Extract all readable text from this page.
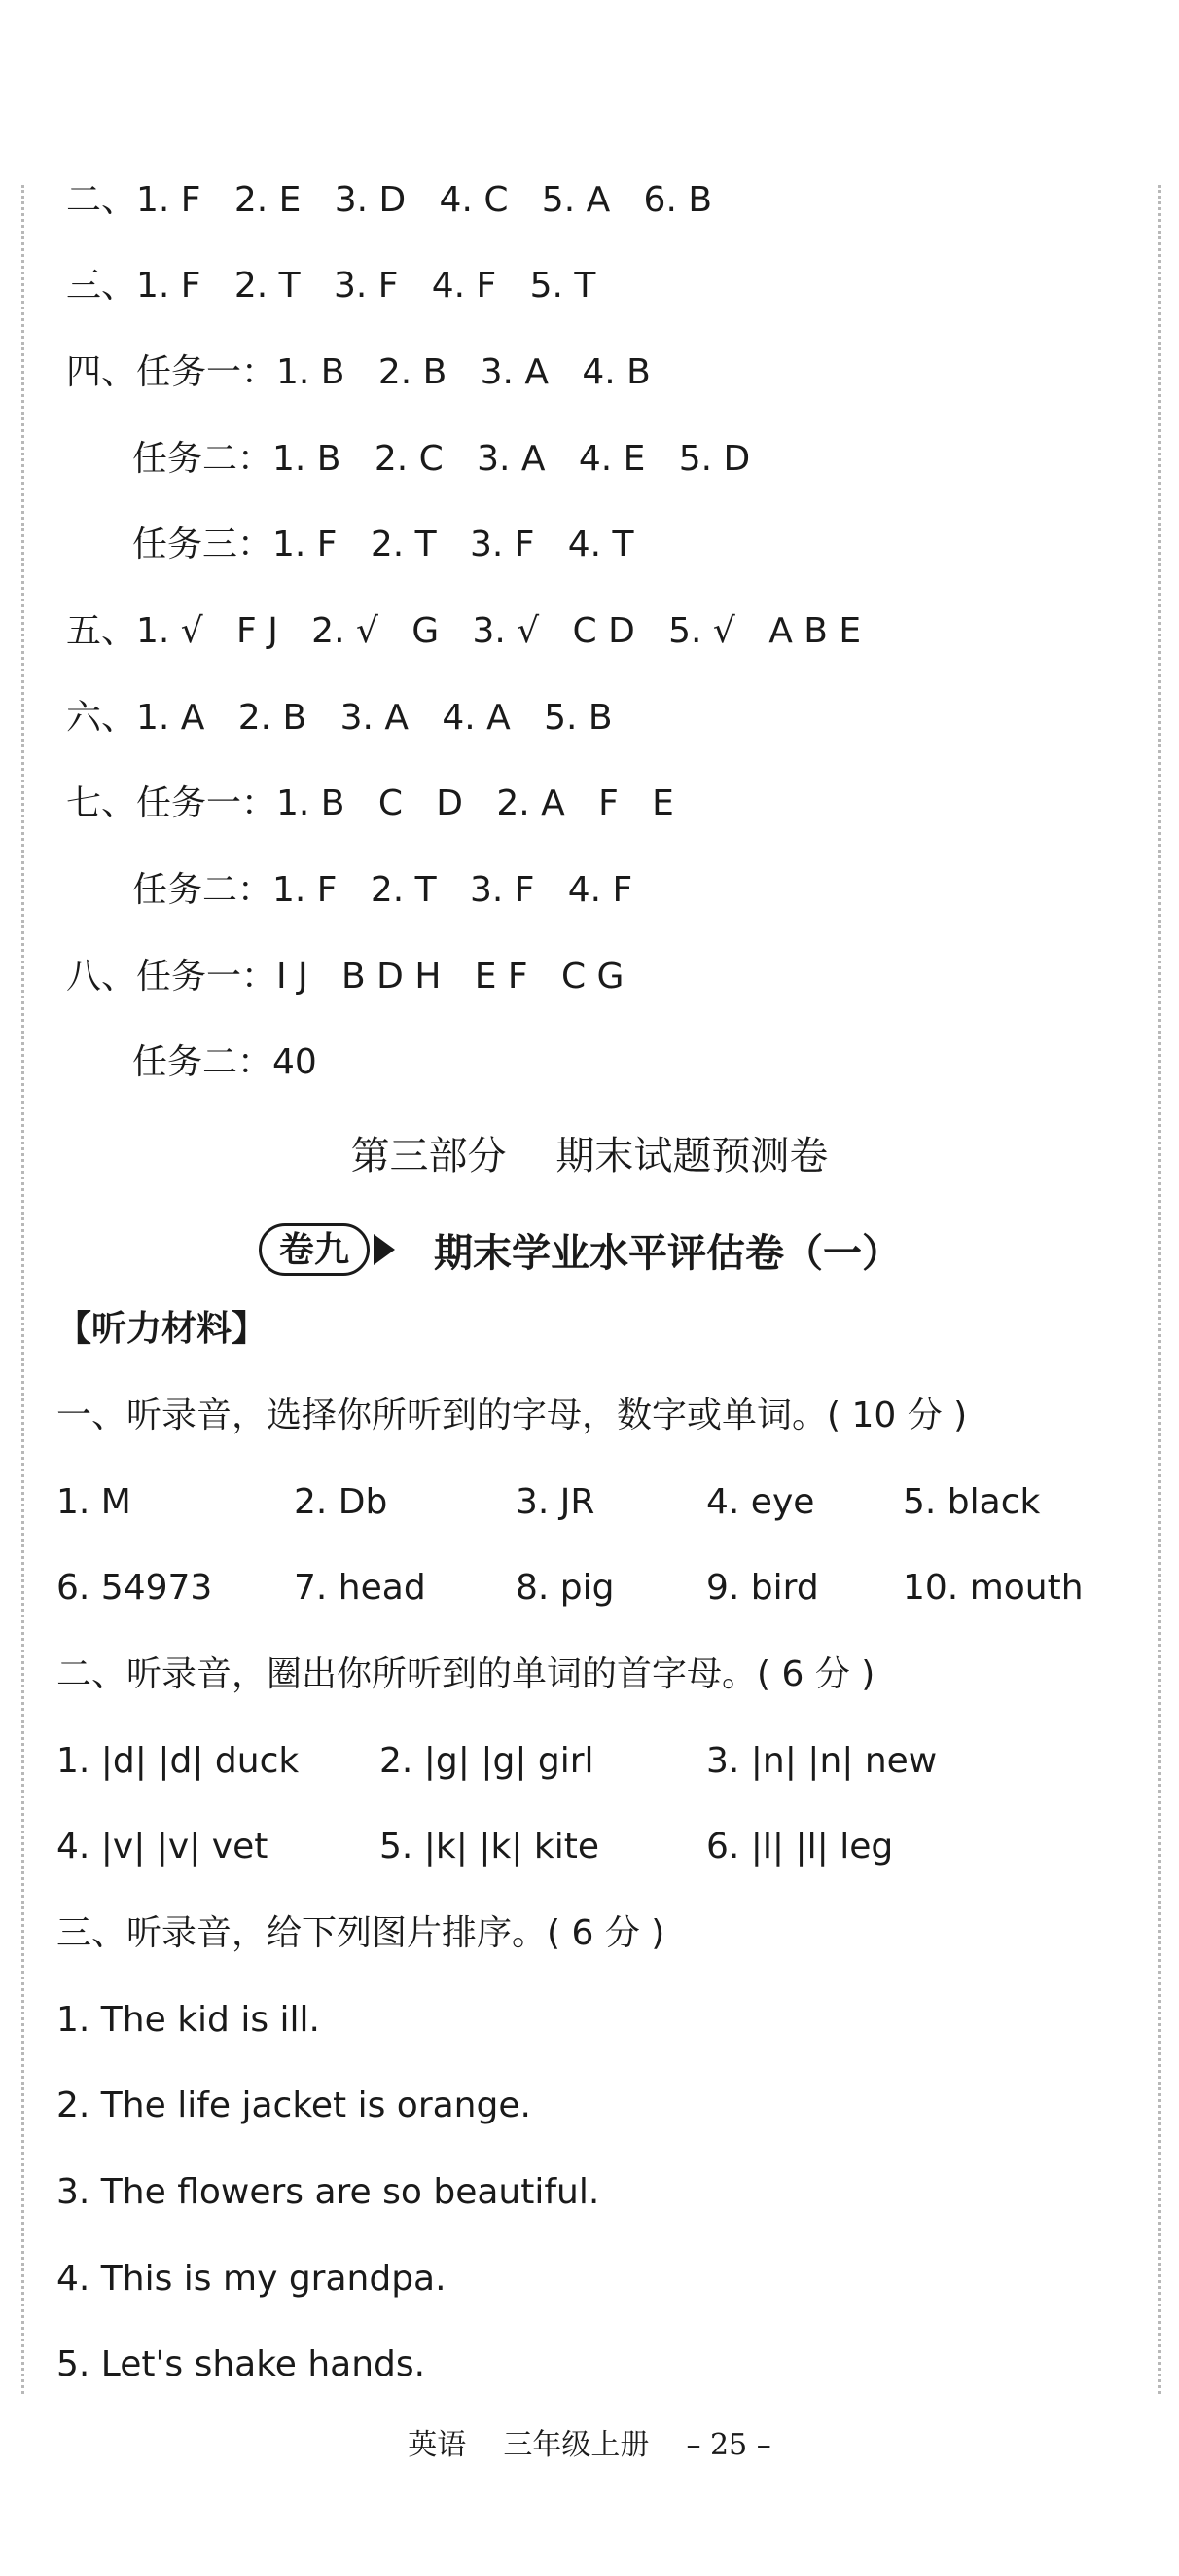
二、1. F   2. E   3. D   4. C   5. A   6. B
三、1. F   2. T   3. F   4. F   5. T
四、任务一：1. B   2. B   3. A   4. B
任务二：1. B   2. C   3. A   4. E   5. D
任务三：1. F   2. T   3. F   4. T
五、1. √   F J   2. √   G   3. √   C D   5. √   A B E
六、1. A   2. B   3. A   4. A   5. B
七、任务一：1. B   C   D   2. A   F   E
任务二：1. F   2. T   3. F   4. F
八、任务一：I J   B D H   E F   C G
任务二：40
第三部分    期末试题预测卷
卷九	期末学业水平评估卷（一）
【听力材料】
一、听录音，选择你所听到的字母，数字或单词。( 10 分 )
1. M	2. Db	3. JR	4. eye	5. black
6. 54973 7. head	8. pig	9. bird 10. mouth
二、听录音，圈出你所听到的单词的首字母。( 6 分 )
1. |d| |d| duck 2. |g| |g| girl	3. |n| |n| new
4. |v| |v| vet	5. |k| |k| kite	6. |l| |l| leg
三、听录音，给下列图片排序。( 6 分 )
1. The kid is ill.
2. The life jacket is orange.
3. The flowers are so beautiful.
4. This is my grandpa.
5. Let's shake hands.
英语    三年级上册    – 25 –
